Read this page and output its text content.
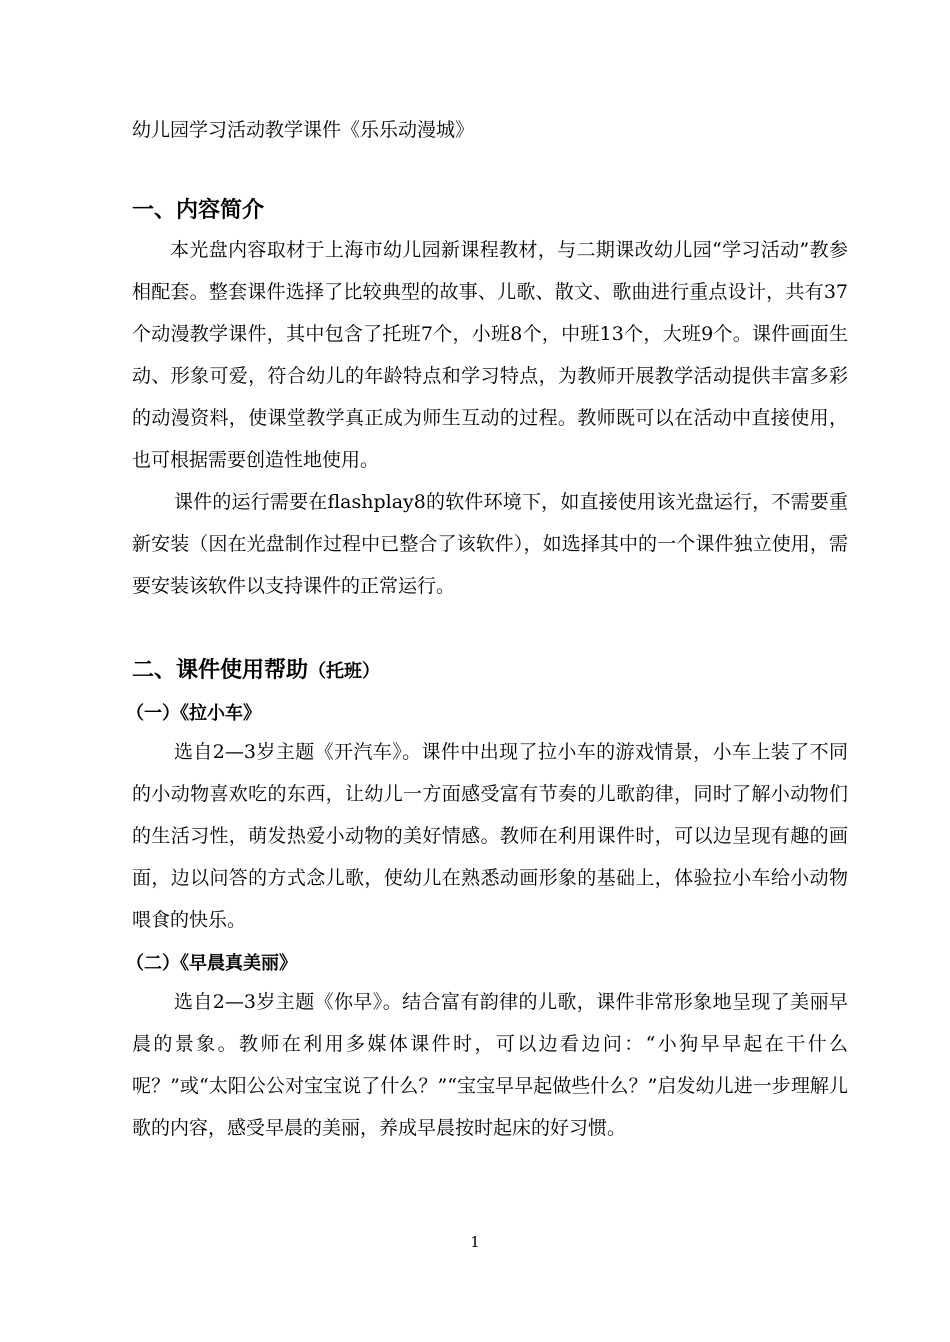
幼儿园学习活动教学课件《乐乐动漫城》
一、内容简介
本光盘内容取材于上海市幼儿园新课程教材，与二期课改幼儿园“学习活动”教参相配套。整套课件选择了比较典型的故事、儿歌、散文、歌曲进行重点设计，共有37个动漫教学课件，其中包含了托班7个，小班8个，中班13个，大班9个。课件画面生动、形象可爱，符合幼儿的年龄特点和学习特点，为教师开展教学活动提供丰富多彩的动漫资料，使课堂教学真正成为师生互动的过程。教师既可以在活动中直接使用，也可根据需要创造性地使用。
课件的运行需要在flashplay8的软件环境下，如直接使用该光盘运行，不需要重新安装（因在光盘制作过程中已整合了该软件），如选择其中的一个课件独立使用，需要安装该软件以支持课件的正常运行。
二、课件使用帮助（托班）
（一）《拉小车》
选自2—3岁主题《开汽车》。课件中出现了拉小车的游戏情景，小车上装了不同的小动物喜欢吃的东西，让幼儿一方面感受富有节奏的儿歌韵律，同时了解小动物们的生活习性，萌发热爱小动物的美好情感。教师在利用课件时，可以边呈现有趣的画面，边以问答的方式念儿歌，使幼儿在熟悉动画形象的基础上，体验拉小车给小动物喂食的快乐。
（二）《早晨真美丽》
选自2—3岁主题《你早》。结合富有韵律的儿歌，课件非常形象地呈现了美丽早晨的景象。教师在利用多媒体课件时，可以边看边问：“小狗早早起在干什么呢？”或“太阳公公对宝宝说了什么？”“宝宝早早起做些什么？”启发幼儿进一步理解儿歌的内容，感受早晨的美丽，养成早晨按时起床的好习惯。
1
